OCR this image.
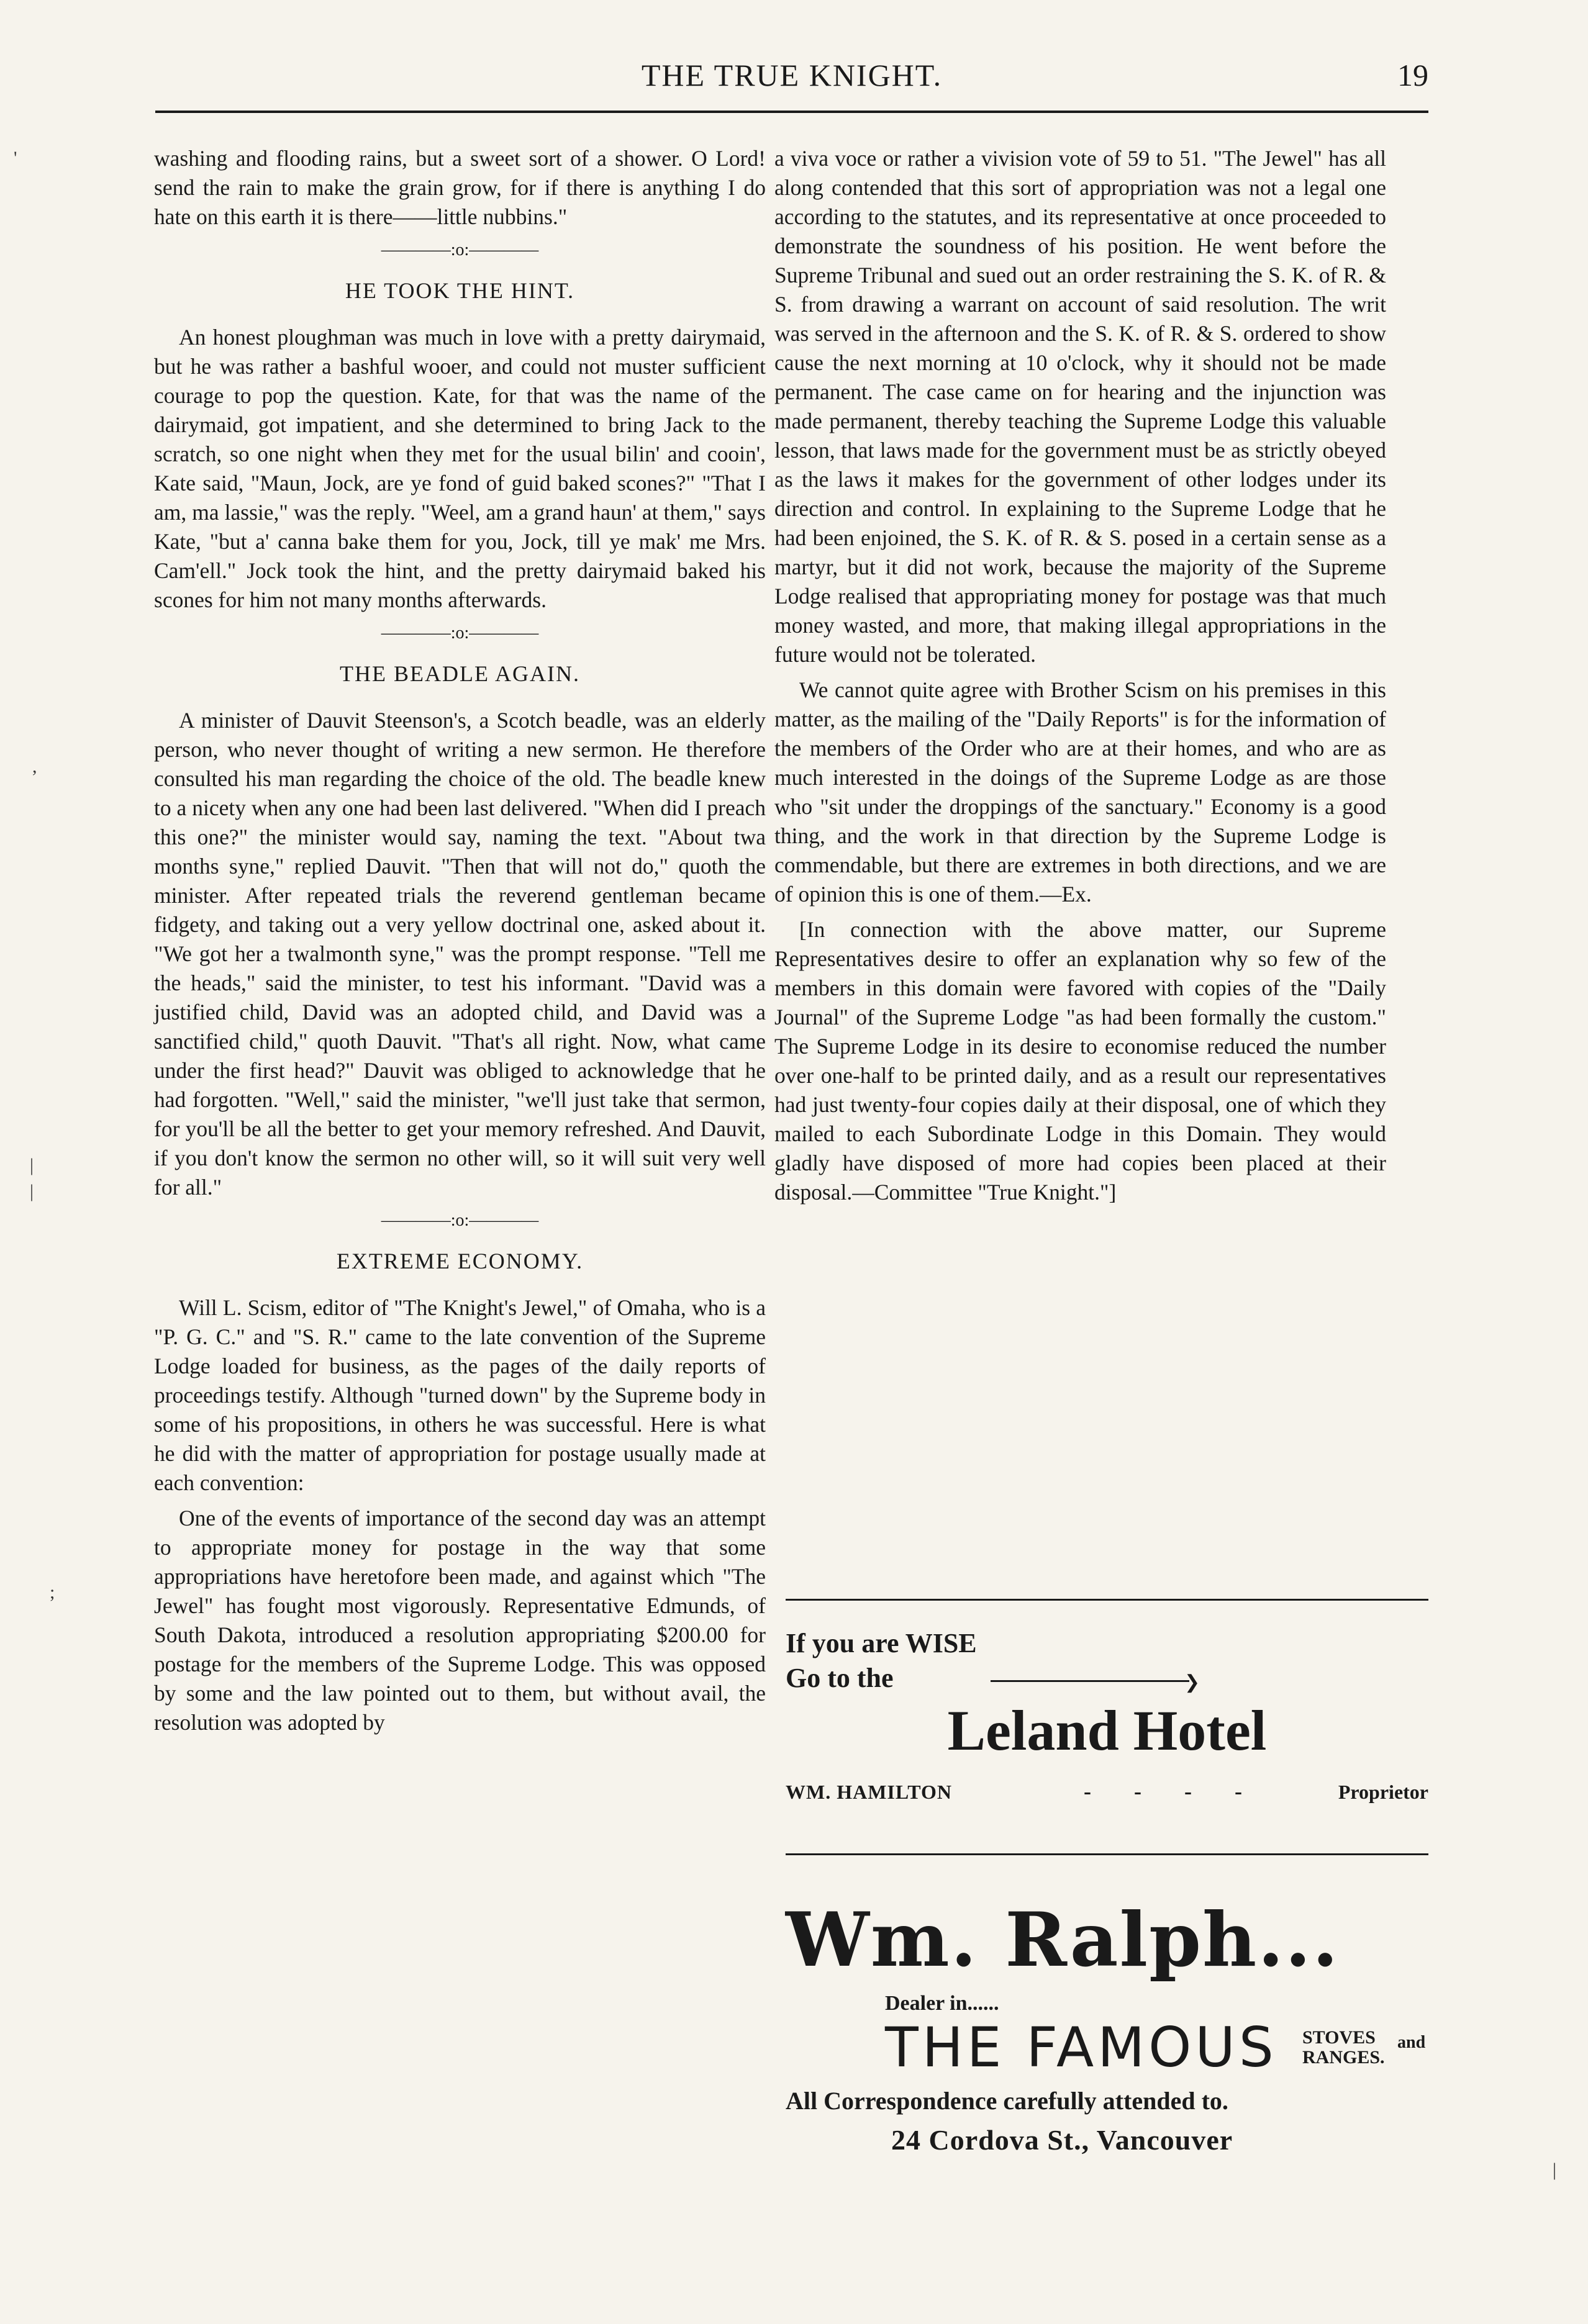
THE TRUE KNIGHT.	19

washing and flooding rains, but a sweet sort of a shower. O Lord! send the rain to make the grain grow, for if there is anything I do hate on this earth it is there——little nubbins."

————:o:————
HE TOOK THE HINT.

An honest ploughman was much in love with a pretty dairymaid, but he was rather a bashful wooer, and could not muster sufficient courage to pop the question. Kate, for that was the name of the dairymaid, got impatient, and she determined to bring Jack to the scratch, so one night when they met for the usual bilin' and cooin', Kate said, "Maun, Jock, are ye fond of guid baked scones?" "That I am, ma lassie," was the reply. "Weel, am a grand haun' at them," says Kate, "but a' canna bake them for you, Jock, till ye mak' me Mrs. Cam'ell." Jock took the hint, and the pretty dairymaid baked his scones for him not many months afterwards.

————:o:————
THE BEADLE AGAIN.

A minister of Dauvit Steenson's, a Scotch beadle, was an elderly person, who never thought of writing a new sermon. He therefore consulted his man regarding the choice of the old. The beadle knew to a nicety when any one had been last delivered. "When did I preach this one?" the minister would say, naming the text. "About twa months syne," replied Dauvit. "Then that will not do," quoth the minister. After repeated trials the reverend gentleman became fidgety, and taking out a very yellow doctrinal one, asked about it. "We got her a twalmonth syne," was the prompt response. "Tell me the heads," said the minister, to test his informant. "David was a justified child, David was an adopted child, and David was a sanctified child," quoth Dauvit. "That's all right. Now, what came under the first head?" Dauvit was obliged to acknowledge that he had forgotten. "Well," said the minister, "we'll just take that sermon, for you'll be all the better to get your memory refreshed. And Dauvit, if you don't know the sermon no other will, so it will suit very well for all."

————:o:————
EXTREME ECONOMY.

Will L. Scism, editor of "The Knight's Jewel," of Omaha, who is a "P. G. C." and "S. R." came to the late convention of the Supreme Lodge loaded for business, as the pages of the daily reports of proceedings testify. Although "turned down" by the Supreme body in some of his propositions, in others he was successful. Here is what he did with the matter of appropriation for postage usually made at each convention:

One of the events of importance of the second day was an attempt to appropriate money for postage in the way that some appropriations have heretofore been made, and against which "The Jewel" has fought most vigorously. Representative Edmunds, of South Dakota, introduced a resolution appropriating $200.00 for postage for the members of the Supreme Lodge. This was opposed by some and the law pointed out to them, but without avail, the resolution was adopted by

a viva voce or rather a vivision vote of 59 to 51. "The Jewel" has all along contended that this sort of appropriation was not a legal one according to the statutes, and its representative at once proceeded to demonstrate the soundness of his position. He went before the Supreme Tribunal and sued out an order restraining the S. K. of R. & S. from drawing a warrant on account of said resolution. The writ was served in the afternoon and the S. K. of R. & S. ordered to show cause the next morning at 10 o'clock, why it should not be made permanent. The case came on for hearing and the injunction was made permanent, thereby teaching the Supreme Lodge this valuable lesson, that laws made for the government must be as strictly obeyed as the laws it makes for the government of other lodges under its direction and control. In explaining to the Supreme Lodge that he had been enjoined, the S. K. of R. & S. posed in a certain sense as a martyr, but it did not work, because the majority of the Supreme Lodge realised that appropriating money for postage was that much money wasted, and more, that making illegal appropriations in the future would not be tolerated.

We cannot quite agree with Brother Scism on his premises in this matter, as the mailing of the "Daily Reports" is for the information of the members of the Order who are at their homes, and who are as much interested in the doings of the Supreme Lodge as are those who "sit under the droppings of the sanctuary." Economy is a good thing, and the work in that direction by the Supreme Lodge is commendable, but there are extremes in both directions, and we are of opinion this is one of them.—Ex.

[In connection with the above matter, our Supreme Representatives desire to offer an explanation why so few of the members in this domain were favored with copies of the "Daily Journal" of the Supreme Lodge "as had been formally the custom." The Supreme Lodge in its desire to economise reduced the number over one-half to be printed daily, and as a result our representatives had just twenty-four copies daily at their disposal, one of which they mailed to each Subordinate Lodge in this Domain. They would gladly have disposed of more had copies been placed at their disposal.—Committee "True Knight."]

If you are WISE
Go to the	❯
Leland Hotel
WM. HAMILTON	- - - -	Proprietor
Wm. Ralph...
Dealer in......
THE FAMOUS STOVES
RANGES.
and
All Correspondence carefully attended to.
24 Cordova St., Vancouver
'
,
|
|
;
|
